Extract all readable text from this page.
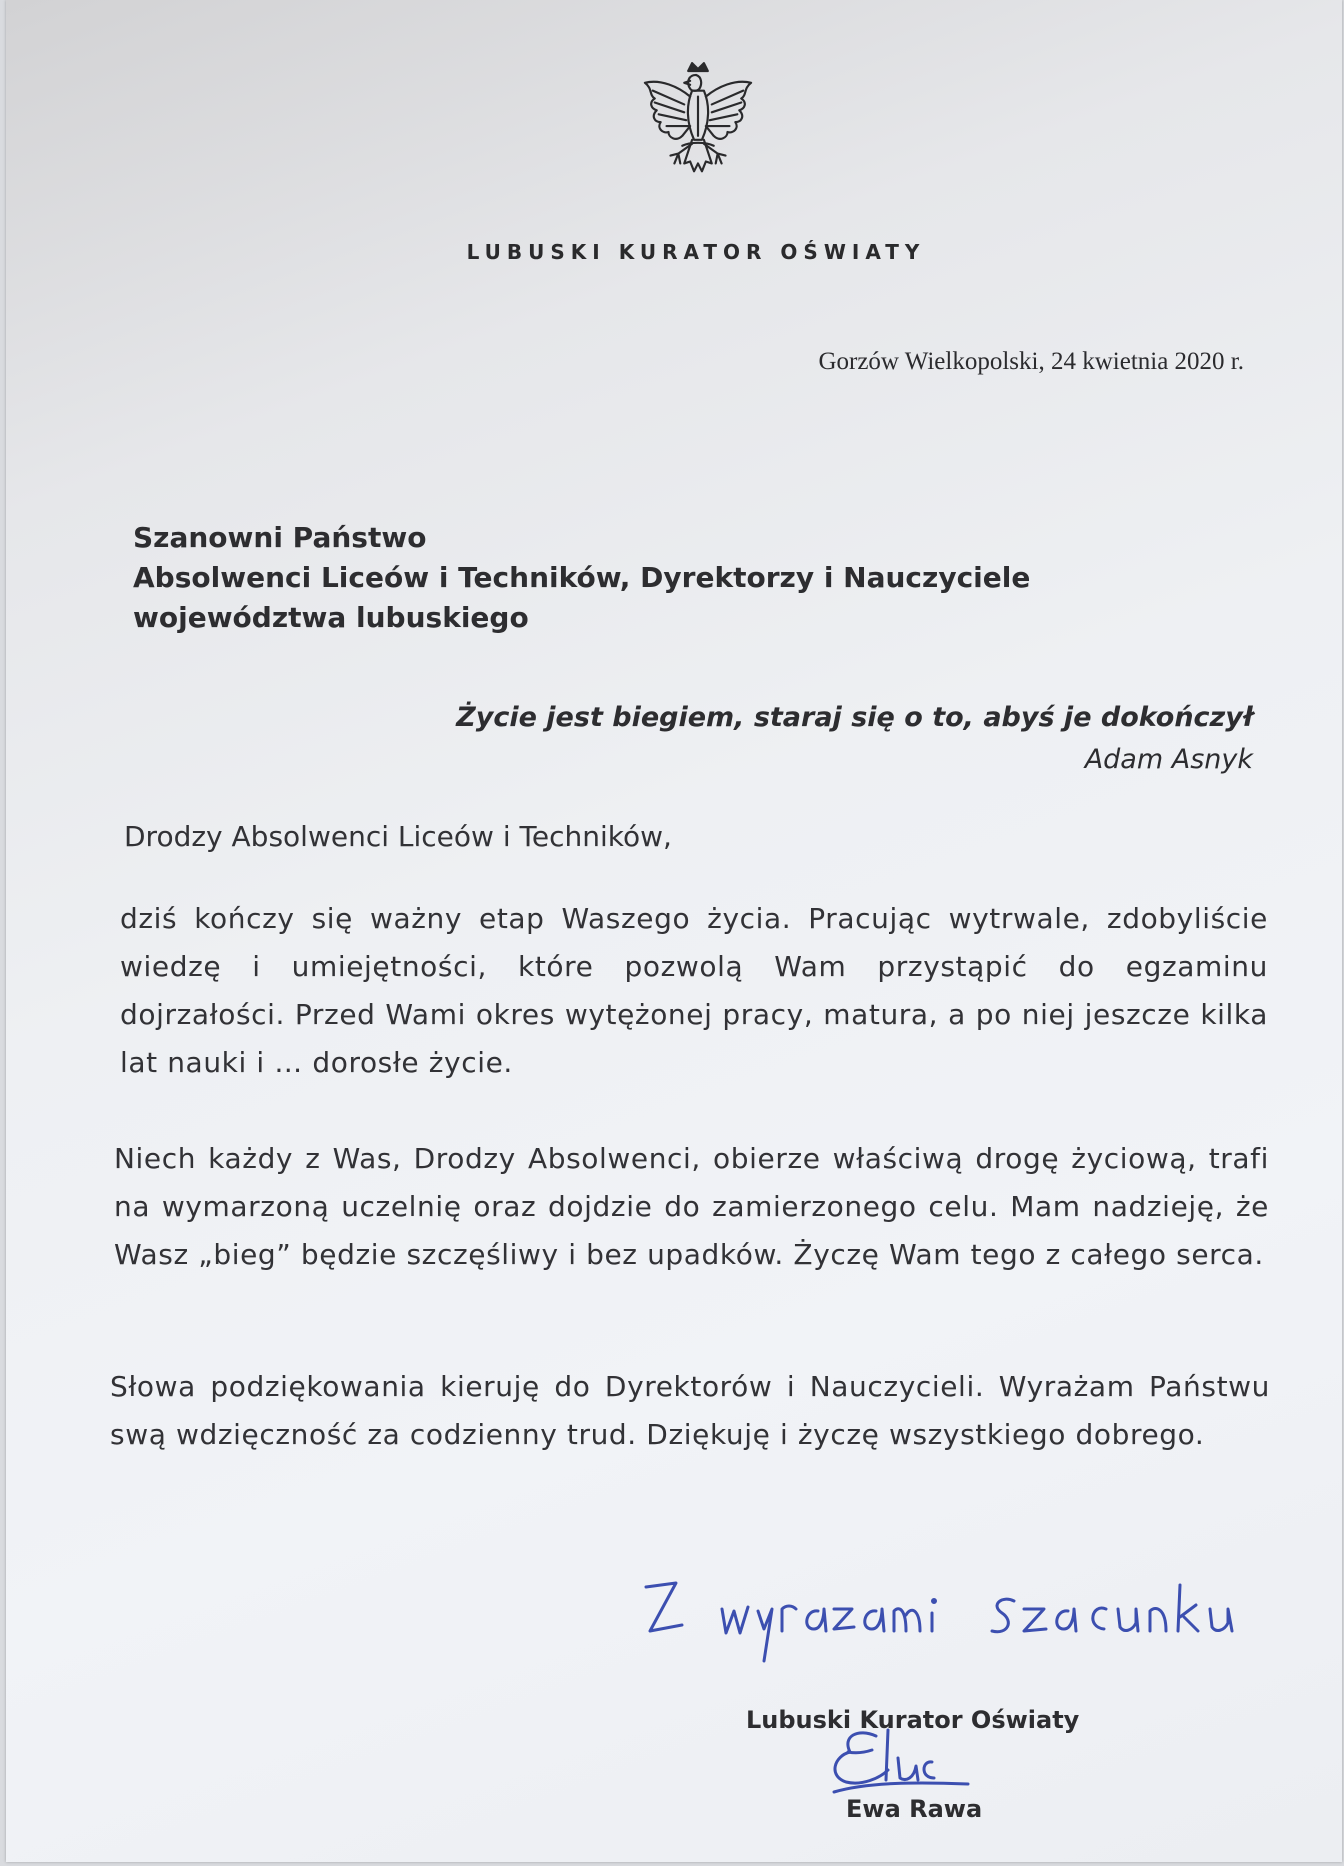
LUBUSKI KURATOR OŚWIATY
Gorzów Wielkopolski, 24 kwietnia 2020 r.
Szanowni Państwo
Absolwenci Liceów i Techników, Dyrektorzy i Nauczyciele
województwa lubuskiego
Życie jest biegiem, staraj się o to, abyś je dokończył
Adam Asnyk
Drodzy Absolwenci Liceów i Techników,
dziś kończy się ważny etap Waszego życia. Pracując wytrwale, zdobyliście wiedzę i umiejętności, które pozwolą Wam przystąpić do egzaminu dojrzałości. Przed Wami okres wytężonej pracy, matura, a po niej jeszcze kilka lat nauki i … dorosłe życie.
Niech każdy z Was, Drodzy Absolwenci, obierze właściwą drogę życiową, trafi na wymarzoną uczelnię oraz dojdzie do zamierzonego celu. Mam nadzieję, że Wasz „bieg” będzie szczęśliwy i bez upadków. Życzę Wam tego z całego serca.
Słowa podziękowania kieruję do Dyrektorów i Nauczycieli. Wyrażam Państwu swą wdzięczność za codzienny trud. Dziękuję i życzę wszystkiego dobrego.
Lubuski Kurator Oświaty
Ewa Rawa
